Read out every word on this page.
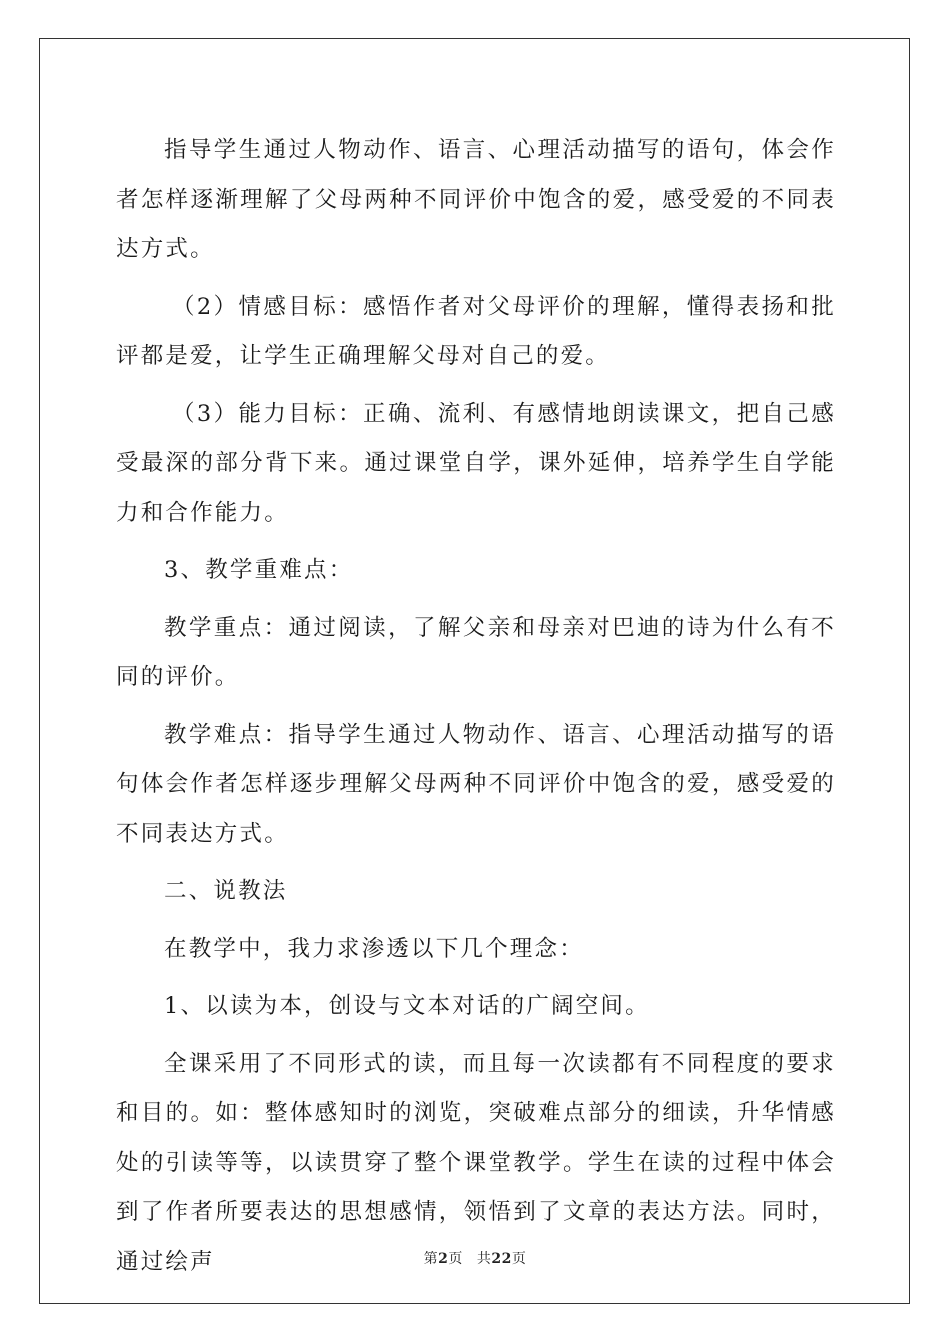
指导学生通过人物动作、语言、心理活动描写的语句，体会作者怎样逐渐理解了父母两种不同评价中饱含的爱，感受爱的不同表达方式。

（2）情感目标：感悟作者对父母评价的理解，懂得表扬和批评都是爱，让学生正确理解父母对自己的爱。

（3）能力目标：正确、流利、有感情地朗读课文，把自己感受最深的部分背下来。通过课堂自学，课外延伸，培养学生自学能力和合作能力。

3、教学重难点：

教学重点：通过阅读，了解父亲和母亲对巴迪的诗为什么有不同的评价。

教学难点：指导学生通过人物动作、语言、心理活动描写的语句体会作者怎样逐步理解父母两种不同评价中饱含的爱，感受爱的不同表达方式。

二、说教法

在教学中，我力求渗透以下几个理念：

1、以读为本，创设与文本对话的广阔空间。

全课采用了不同形式的读，而且每一次读都有不同程度的要求和目的。如：整体感知时的浏览，突破难点部分的细读，升华情感处的引读等等，以读贯穿了整个课堂教学。学生在读的过程中体会到了作者所要表达的思想感情，领悟到了文章的表达方法。同时，通过绘声	第2页 共22页
